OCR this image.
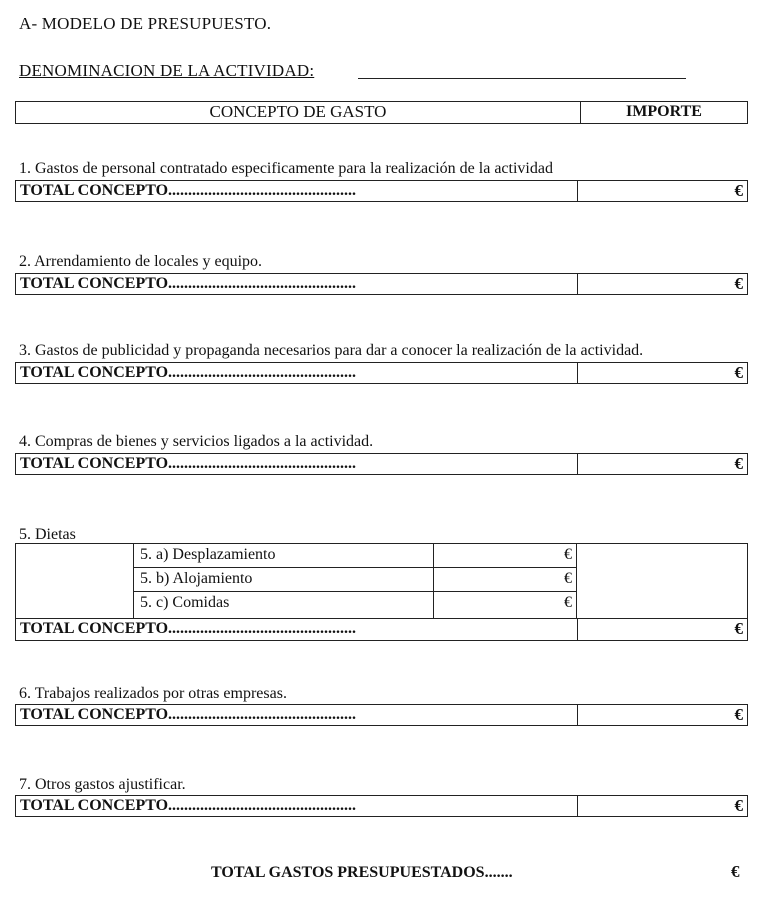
A- MODELO DE PRESUPUESTO.
DENOMINACION DE LA ACTIVIDAD:
CONCEPTO DE GASTO	IMPORTE
1. Gastos de personal contratado especificamente para la realización de la actividad
TOTAL CONCEPTO...............................................	€
2. Arrendamiento de locales y equipo.
TOTAL CONCEPTO...............................................	€
3. Gastos de publicidad y propaganda necesarios para dar a conocer la realización de la actividad.
TOTAL CONCEPTO...............................................	€
4. Compras de bienes y servicios ligados a la actividad.
TOTAL CONCEPTO...............................................	€
5. Dietas
5. a) Desplazamiento	€
5. b) Alojamiento	€
5. c) Comidas	€
TOTAL CONCEPTO...............................................	€
6. Trabajos realizados por otras empresas.
TOTAL CONCEPTO...............................................	€
7. Otros gastos ajustificar.
TOTAL CONCEPTO...............................................	€
TOTAL GASTOS PRESUPUESTADOS.......	€
